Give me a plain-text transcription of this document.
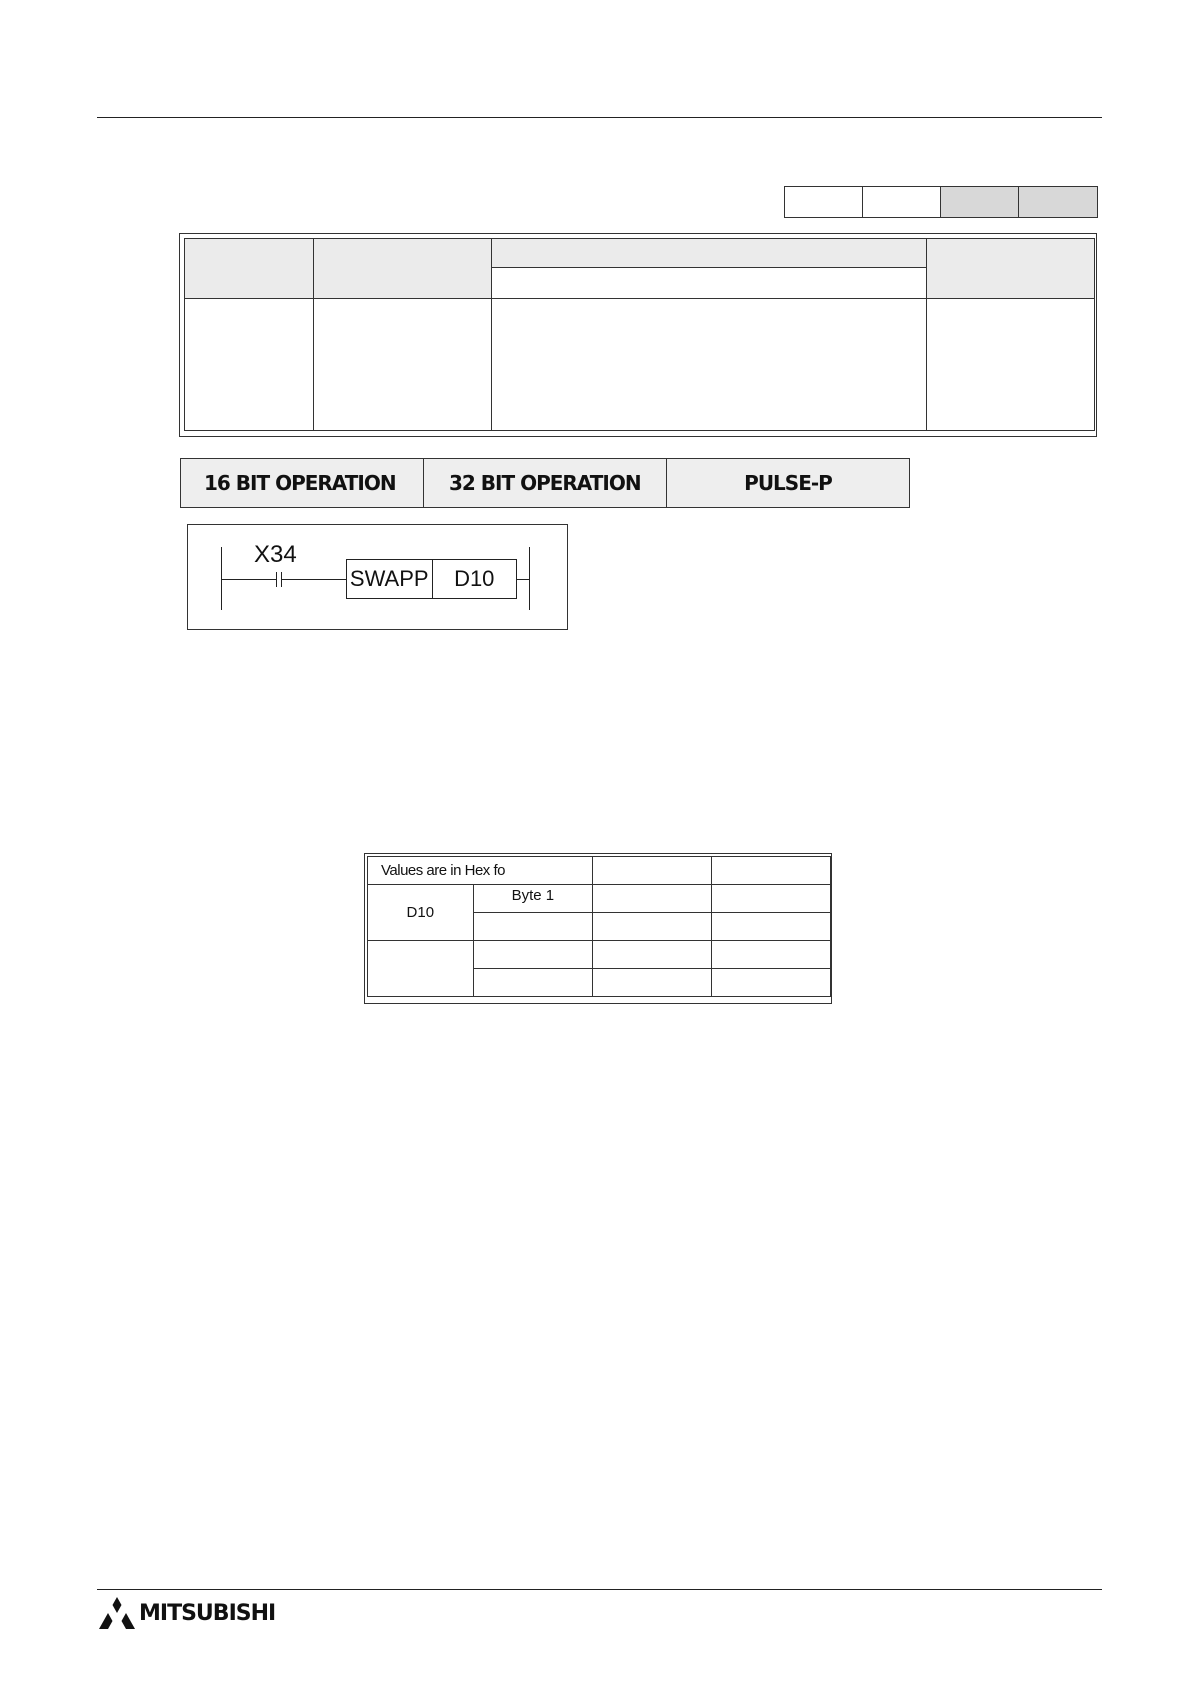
16 BIT OPERATION	32 BIT OPERATION	PULSE-P
X34
SWAPP	D10
Values are in Hex fo			
D10	Byte 1		

MITSUBISHI
